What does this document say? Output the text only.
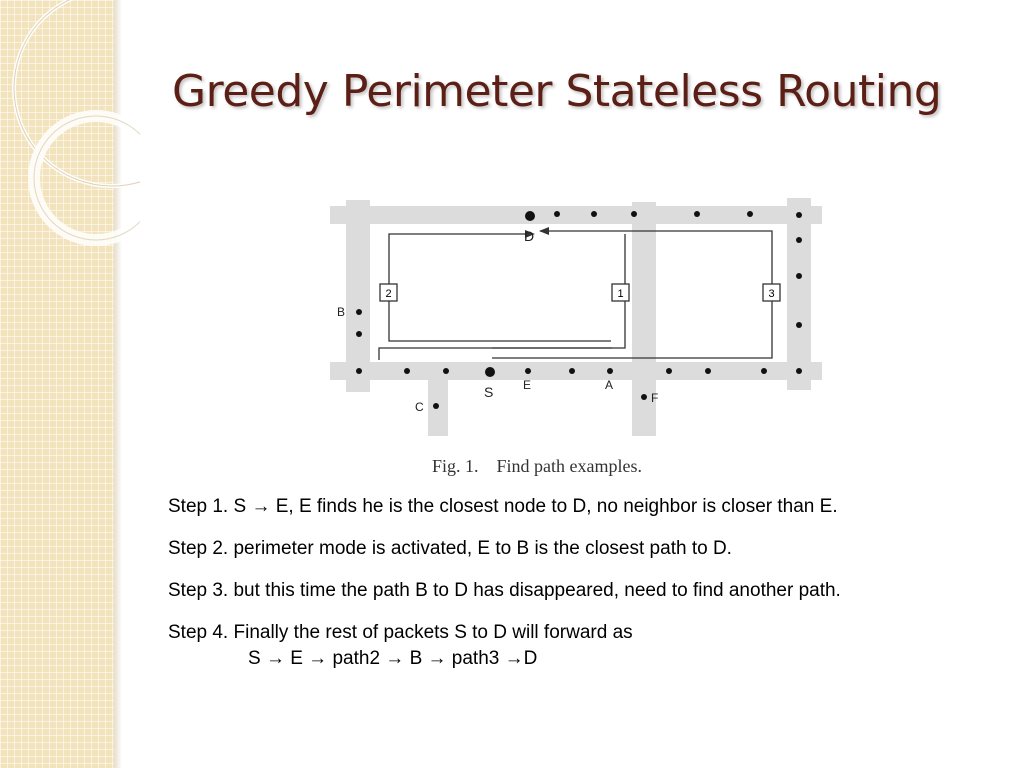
Greedy Perimeter Stateless Routing
2	1	3
D
B
C
S E	A
F
Fig. 1.    Find path examples.
Step 1. S → E, E finds he is the closest node to D, no neighbor is closer than E.
Step 2. perimeter mode is activated, E to B is the closest path to D.
Step 3. but this time the path B to D has disappeared, need to find another path.
Step 4. Finally the rest of packets S to D will forward as
S → E → path2 → B → path3 →D
